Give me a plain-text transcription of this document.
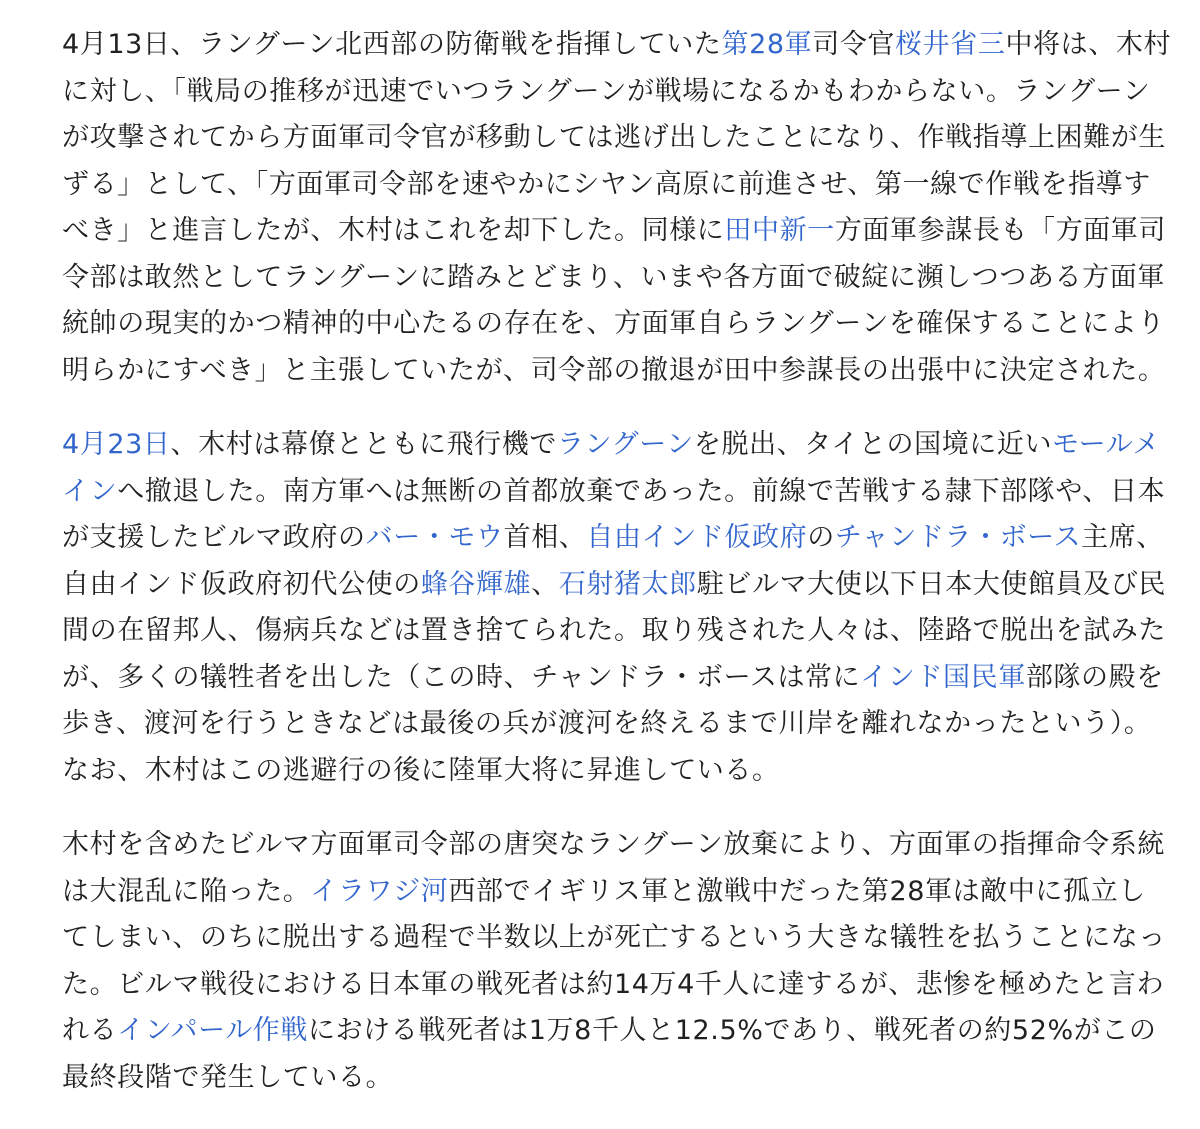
4月13日、ラングーン北西部の防衛戦を指揮していた第28軍司令官桜井省三中将は、木村に対し、「戦局の推移が迅速でいつラングーンが戦場になるかもわからない。ラングーンが攻撃されてから方面軍司令官が移動しては逃げ出したことになり、作戦指導上困難が生ずる」として、「方面軍司令部を速やかにシヤン高原に前進させ、第一線で作戦を指導すべき」と進言したが、木村はこれを却下した。同様に田中新一方面軍参謀長も「方面軍司令部は敢然としてラングーンに踏みとどまり、いまや各方面で破綻に瀕しつつある方面軍統帥の現実的かつ精神的中心たるの存在を、方面軍自らラングーンを確保することにより明らかにすべき」と主張していたが、司令部の撤退が田中参謀長の出張中に決定された。

4月23日、木村は幕僚とともに飛行機でラングーンを脱出、タイとの国境に近いモールメインへ撤退した。南方軍へは無断の首都放棄であった。前線で苦戦する隷下部隊や、日本が支援したビルマ政府のバー・モウ首相、自由インド仮政府のチャンドラ・ボース主席、自由インド仮政府初代公使の蜂谷輝雄、石射猪太郎駐ビルマ大使以下日本大使館員及び民間の在留邦人、傷病兵などは置き捨てられた。取り残された人々は、陸路で脱出を試みたが、多くの犠牲者を出した（この時、チャンドラ・ボースは常にインド国民軍部隊の殿を歩き、渡河を行うときなどは最後の兵が渡河を終えるまで川岸を離れなかったという）。なお、木村はこの逃避行の後に陸軍大将に昇進している。

木村を含めたビルマ方面軍司令部の唐突なラングーン放棄により、方面軍の指揮命令系統は大混乱に陥った。イラワジ河西部でイギリス軍と激戦中だった第28軍は敵中に孤立してしまい、のちに脱出する過程で半数以上が死亡するという大きな犠牲を払うことになった。ビルマ戦役における日本軍の戦死者は約14万4千人に達するが、悲惨を極めたと言われるインパール作戦における戦死者は1万8千人と12.5%であり、戦死者の約52%がこの最終段階で発生している。
